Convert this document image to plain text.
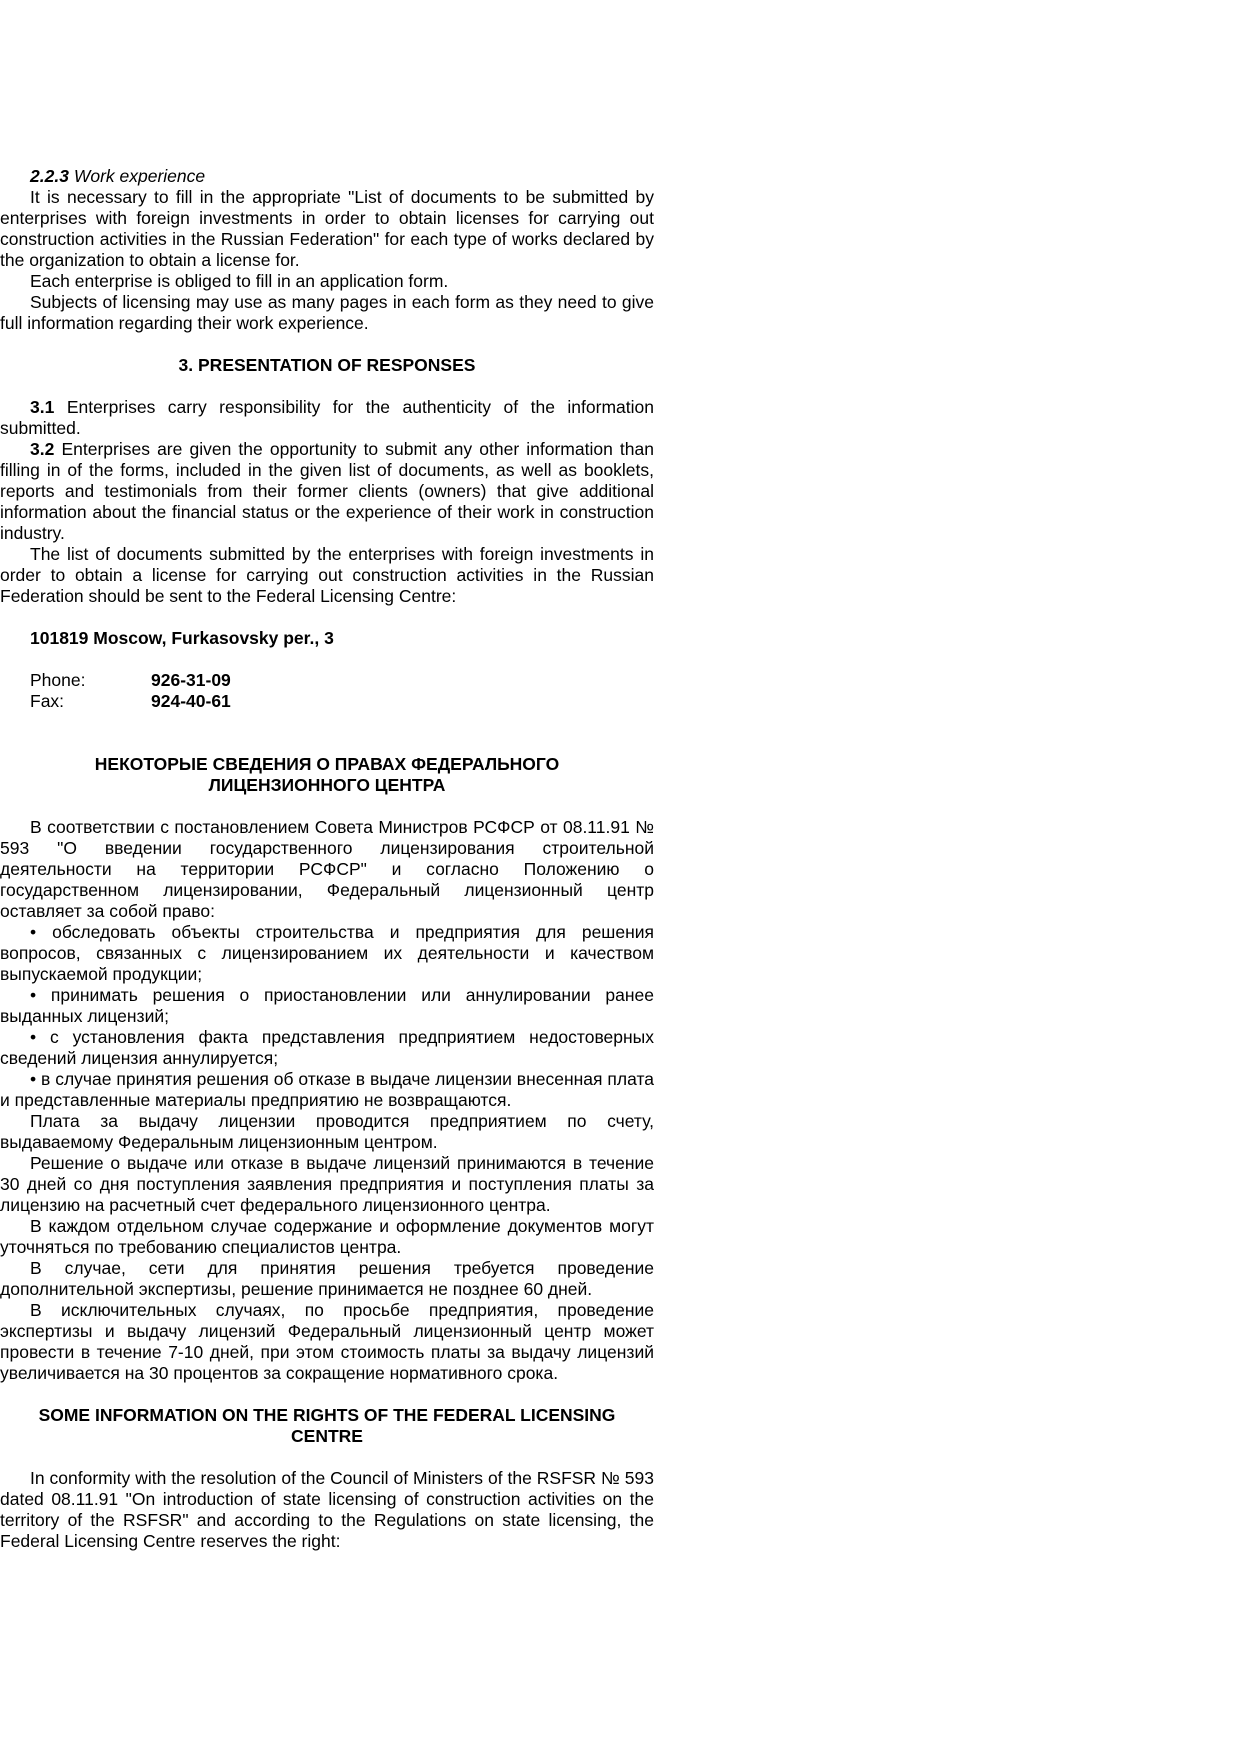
2.2.3 Work experience

It is necessary to fill in the appropriate "List of documents to be submitted by enterprises with foreign investments in order to obtain licenses for carrying out construction activities in the Russian Federation" for each type of works declared by the organization to obtain a license for.

Each enterprise is obliged to fill in an application form.

Subjects of licensing may use as many pages in each form as they need to give full information regarding their work experience.

3. PRESENTATION OF RESPONSES

3.1 Enterprises carry responsibility for the authenticity of the information submitted.

3.2 Enterprises are given the opportunity to submit any other information than filling in of the forms, included in the given list of documents, as well as booklets, reports and testimonials from their former clients (owners) that give additional information about the financial status or the experience of their work in construction industry.

The list of documents submitted by the enterprises with foreign investments in order to obtain a license for carrying out construction activities in the Russian Federation should be sent to the Federal Licensing Centre:

101819 Moscow, Furkasovsky per., 3
Phone:	926-31-09
Fax:	924-40-61
НЕКОТОРЫЕ СВЕДЕНИЯ О ПРАВАХ ФЕДЕРАЛЬНОГО
ЛИЦЕНЗИОННОГО ЦЕНТРА

В соответствии с постановлением Совета Министров РСФСР от 08.11.91 № 593 "О введении государственного лицензирования строительной деятельности на территории РСФСР" и согласно Положению о государственном лицензировании, Федеральный лицензионный центр оставляет за собой право:

• обследовать объекты строительства и предприятия для решения вопросов, связанных с лицензированием их деятельности и качеством выпускаемой продукции;

• принимать решения о приостановлении или аннулировании ранее выданных лицензий;

• с установления факта представления предприятием недостоверных сведений лицензия аннулируется;

• в случае принятия решения об отказе в выдаче лицензии внесенная плата и представленные материалы предприятию не возвращаются.

Плата за выдачу лицензии проводится предприятием по счету, выдаваемому Федеральным лицензионным центром.

Решение о выдаче или отказе в выдаче лицензий принимаются в течение 30 дней со дня поступления заявления предприятия и поступления платы за лицензию на расчетный счет федерального лицензионного центра.

В каждом отдельном случае содержание и оформление документов могут уточняться по требованию специалистов центра.

В случае, сети для принятия решения требуется проведение дополнительной экспертизы, решение принимается не позднее 60 дней.

В исключительных случаях, по просьбе предприятия, проведение экспертизы и выдачу лицензий Федеральный лицензионный центр может провести в течение 7-10 дней, при этом стоимость платы за выдачу лицензий увеличивается на 30 процентов за сокращение нормативного срока.

SOME INFORMATION ON THE RIGHTS OF THE FEDERAL LICENSING
CENTRE

In conformity with the resolution of the Council of Ministers of the RSFSR № 593 dated 08.11.91 "On introduction of state licensing of construction activities on the territory of the RSFSR" and according to the Regulations on state licensing, the Federal Licensing Centre reserves the right:
